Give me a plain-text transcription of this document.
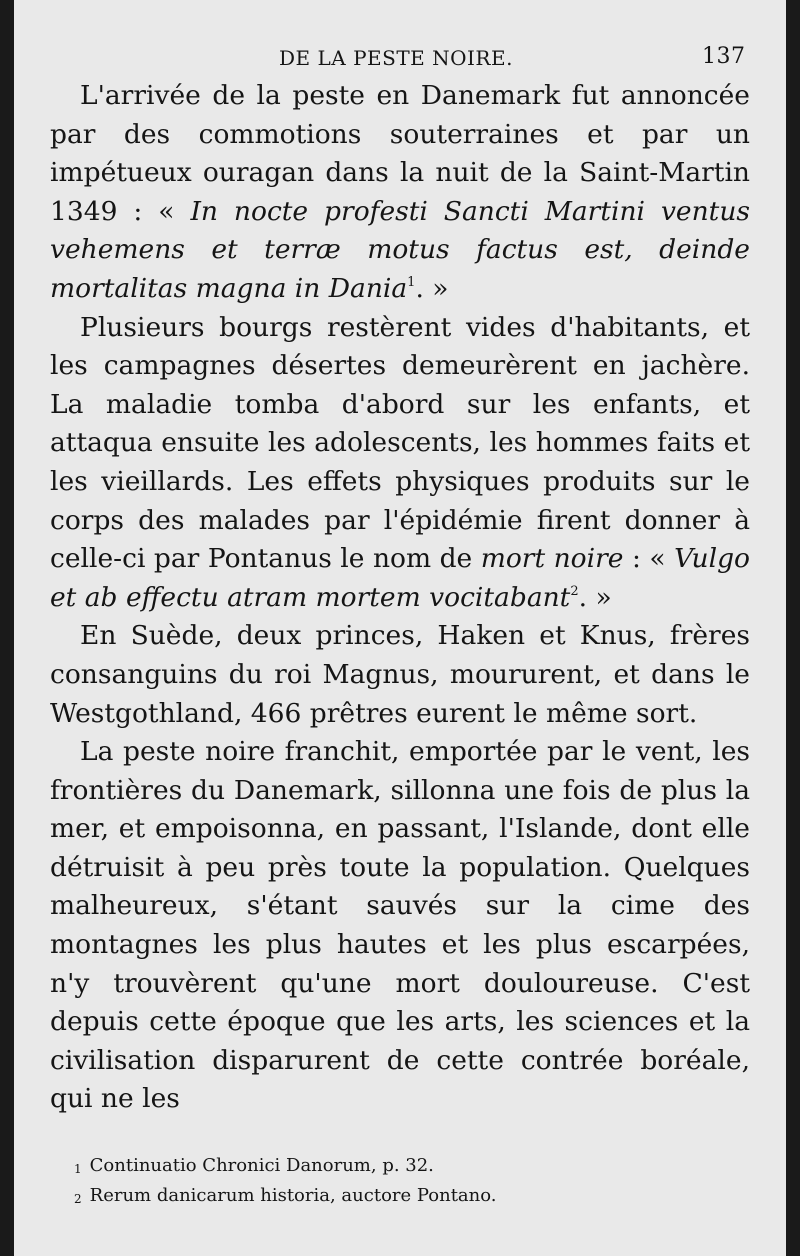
DE LA PESTE NOIRE.	137

L'arrivée de la peste en Danemark fut annoncée par des commotions souterraines et par un impétueux ouragan dans la nuit de la Saint-Martin 1349 : « In nocte profesti Sancti Martini ventus vehemens et terræ motus factus est, deinde mortalitas magna in Dania$^1$. »

Plusieurs bourgs restèrent vides d'habitants, et les campagnes désertes demeurèrent en jachère. La maladie tomba d'abord sur les enfants, et attaqua ensuite les adolescents, les hommes faits et les vieillards. Les effets physiques produits sur le corps des malades par l'épidémie firent donner à celle-ci par Pontanus le nom de mort noire : « Vulgo et ab effectu atram mortem vocitabant$^2$. »

En Suède, deux princes, Haken et Knus, frères consanguins du roi Magnus, moururent, et dans le Westgothland, 466 prêtres eurent le même sort.

La peste noire franchit, emportée par le vent, les frontières du Danemark, sillonna une fois de plus la mer, et empoisonna, en passant, l'Islande, dont elle détruisit à peu près toute la population. Quelques malheureux, s'étant sauvés sur la cime des montagnes les plus hautes et les plus escarpées, n'y trouvèrent qu'une mort douloureuse. C'est depuis cette époque que les arts, les sciences et la civilisation disparurent de cette contrée boréale, qui ne les

$^1$ Continuatio Chronici Danorum, p. 32.
$^2$ Rerum danicarum historia, auctore Pontano.
